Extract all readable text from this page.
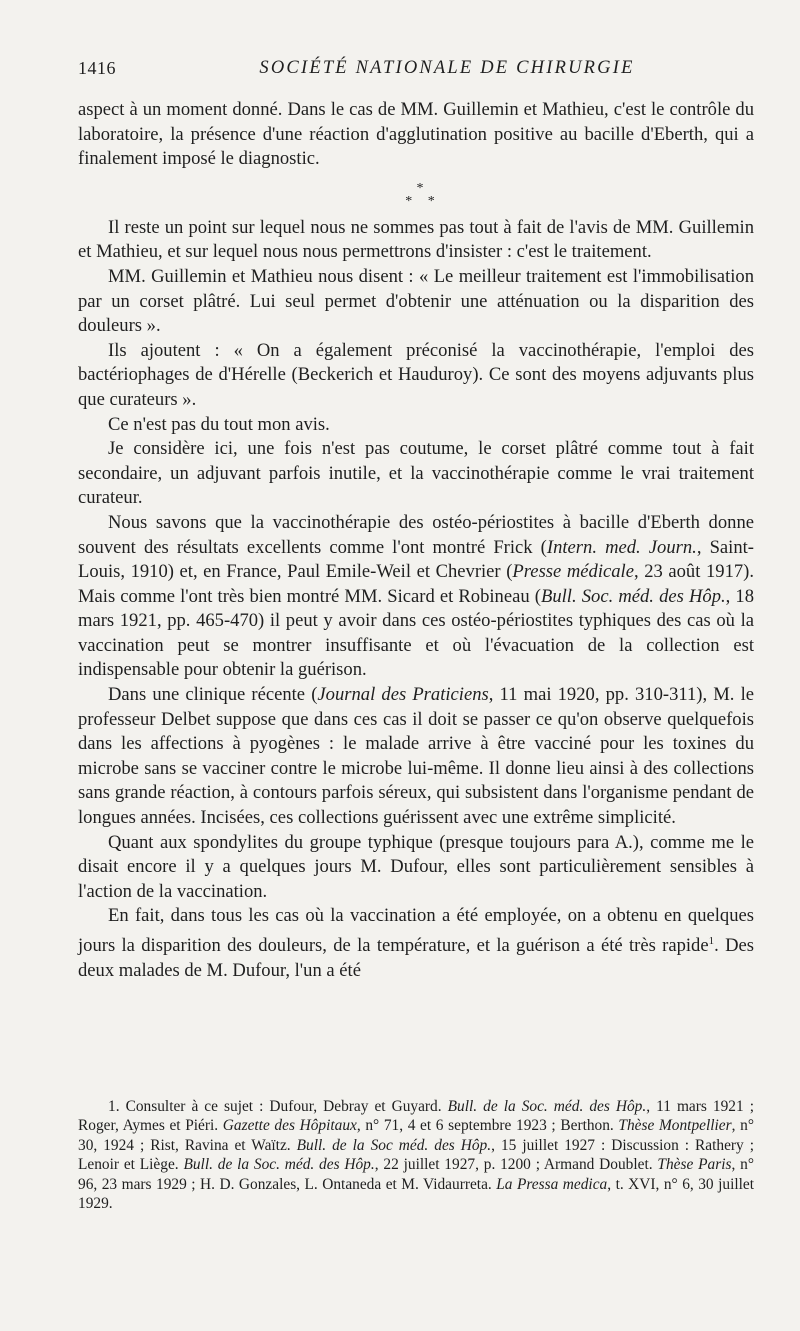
1416	SOCIÉTÉ NATIONALE DE CHIRURGIE

aspect à un moment donné. Dans le cas de MM. Guillemin et Mathieu, c'est le contrôle du laboratoire, la présence d'une réaction d'agglutination positive au bacille d'Eberth, qui a finalement imposé le diagnostic.

*
* *

Il reste un point sur lequel nous ne sommes pas tout à fait de l'avis de MM. Guillemin et Mathieu, et sur lequel nous nous permettrons d'insister : c'est le traitement.

MM. Guillemin et Mathieu nous disent : « Le meilleur traitement est l'immobilisation par un corset plâtré. Lui seul permet d'obtenir une atténuation ou la disparition des douleurs ».

Ils ajoutent : « On a également préconisé la vaccinothérapie, l'emploi des bactériophages de d'Hérelle (Beckerich et Hauduroy). Ce sont des moyens adjuvants plus que curateurs ».

Ce n'est pas du tout mon avis.

Je considère ici, une fois n'est pas coutume, le corset plâtré comme tout à fait secondaire, un adjuvant parfois inutile, et la vaccinothérapie comme le vrai traitement curateur.

Nous savons que la vaccinothérapie des ostéo-périostites à bacille d'Eberth donne souvent des résultats excellents comme l'ont montré Frick (Intern. med. Journ., Saint-Louis, 1910) et, en France, Paul Emile-Weil et Chevrier (Presse médicale, 23 août 1917). Mais comme l'ont très bien montré MM. Sicard et Robineau (Bull. Soc. méd. des Hôp., 18 mars 1921, pp. 465-470) il peut y avoir dans ces ostéo-périostites typhiques des cas où la vaccination peut se montrer insuffisante et où l'évacuation de la collection est indispensable pour obtenir la guérison.

Dans une clinique récente (Journal des Praticiens, 11 mai 1920, pp. 310-311), M. le professeur Delbet suppose que dans ces cas il doit se passer ce qu'on observe quelquefois dans les affections à pyogènes : le malade arrive à être vacciné pour les toxines du microbe sans se vacciner contre le microbe lui-même. Il donne lieu ainsi à des collections sans grande réaction, à contours parfois séreux, qui subsistent dans l'organisme pendant de longues années. Incisées, ces collections guérissent avec une extrême simplicité.

Quant aux spondylites du groupe typhique (presque toujours para A.), comme me le disait encore il y a quelques jours M. Dufour, elles sont particulièrement sensibles à l'action de la vaccination.

En fait, dans tous les cas où la vaccination a été employée, on a obtenu en quelques jours la disparition des douleurs, de la température, et la guérison a été très rapide$^1$. Des deux malades de M. Dufour, l'un a été

1. Consulter à ce sujet : Dufour, Debray et Guyard. Bull. de la Soc. méd. des Hôp., 11 mars 1921 ; Roger, Aymes et Piéri. Gazette des Hôpitaux, n° 71, 4 et 6 septembre 1923 ; Berthon. Thèse Montpellier, n° 30, 1924 ; Rist, Ravina et Waïtz. Bull. de la Soc méd. des Hôp., 15 juillet 1927 : Discussion : Rathery ; Lenoir et Liège. Bull. de la Soc. méd. des Hôp., 22 juillet 1927, p. 1200 ; Armand Doublet. Thèse Paris, n° 96, 23 mars 1929 ; H. D. Gonzales, L. Ontaneda et M. Vidaurreta. La Pressa medica, t. XVI, n° 6, 30 juillet 1929.
